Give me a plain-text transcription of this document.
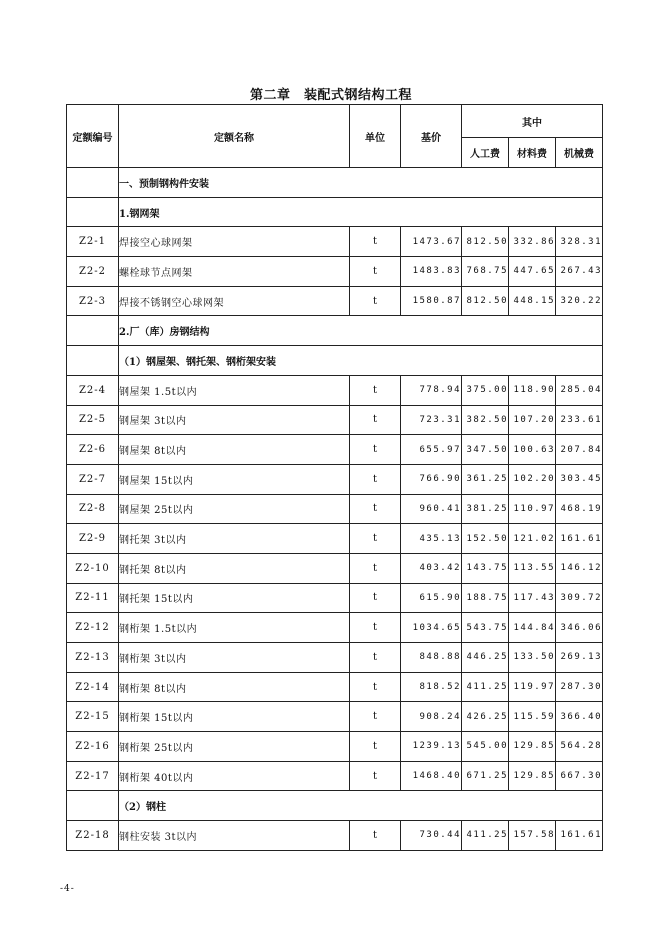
第二章　装配式钢结构工程
定额编号	定额名称	单位	基价	其中		
				人工费	材料费	机械费
	一、预制钢构件安装					
	1.钢网架					
Z2-1	焊接空心球网架	t	1473.67	812.50	332.86	328.31
Z2-2	螺栓球节点网架	t	1483.83	768.75	447.65	267.43
Z2-3	焊接不锈钢空心球网架	t	1580.87	812.50	448.15	320.22
	2.厂（库）房钢结构					
	（1）钢屋架、钢托架、钢桁架安装					
Z2-4	钢屋架 1.5t以内	t	778.94	375.00	118.90	285.04
Z2-5	钢屋架 3t以内	t	723.31	382.50	107.20	233.61
Z2-6	钢屋架 8t以内	t	655.97	347.50	100.63	207.84
Z2-7	钢屋架 15t以内	t	766.90	361.25	102.20	303.45
Z2-8	钢屋架 25t以内	t	960.41	381.25	110.97	468.19
Z2-9	钢托架 3t以内	t	435.13	152.50	121.02	161.61
Z2-10	钢托架 8t以内	t	403.42	143.75	113.55	146.12
Z2-11	钢托架 15t以内	t	615.90	188.75	117.43	309.72
Z2-12	钢桁架 1.5t以内	t	1034.65	543.75	144.84	346.06
Z2-13	钢桁架 3t以内	t	848.88	446.25	133.50	269.13
Z2-14	钢桁架 8t以内	t	818.52	411.25	119.97	287.30
Z2-15	钢桁架 15t以内	t	908.24	426.25	115.59	366.40
Z2-16	钢桁架 25t以内	t	1239.13	545.00	129.85	564.28
Z2-17	钢桁架 40t以内	t	1468.40	671.25	129.85	667.30
	（2）钢柱					
Z2-18	钢柱安装 3t以内	t	730.44	411.25	157.58	161.61
-4-
